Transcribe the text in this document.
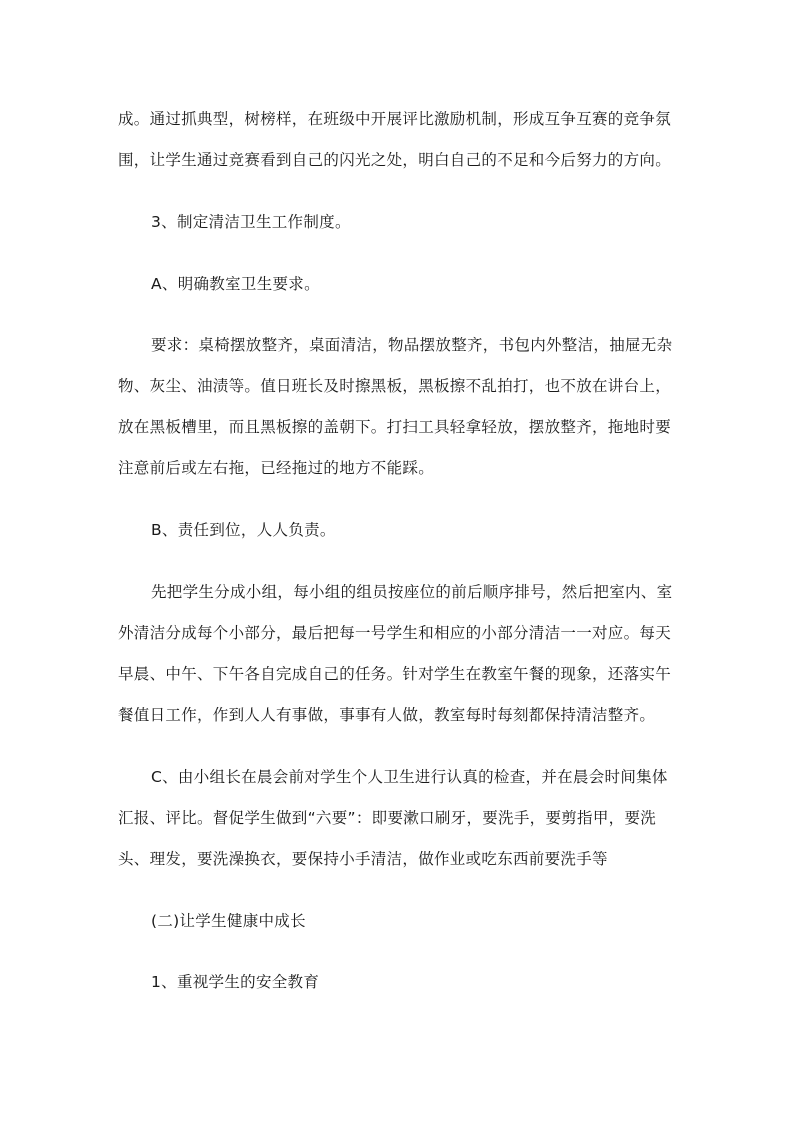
成。通过抓典型，树榜样，在班级中开展评比激励机制，形成互争互赛的竞争氛
围，让学生通过竞赛看到自己的闪光之处，明白自己的不足和今后努力的方向。

3、制定清洁卫生工作制度。

A、明确教室卫生要求。

要求：桌椅摆放整齐，桌面清洁，物品摆放整齐，书包内外整洁，抽屉无杂
物、灰尘、油渍等。值日班长及时擦黑板，黑板擦不乱拍打，也不放在讲台上，
放在黑板槽里，而且黑板擦的盖朝下。打扫工具轻拿轻放，摆放整齐，拖地时要
注意前后或左右拖，已经拖过的地方不能踩。

B、责任到位，人人负责。

先把学生分成小组，每小组的组员按座位的前后顺序排号，然后把室内、室
外清洁分成每个小部分，最后把每一号学生和相应的小部分清洁一一对应。每天
早晨、中午、下午各自完成自己的任务。针对学生在教室午餐的现象，还落实午
餐值日工作，作到人人有事做，事事有人做，教室每时每刻都保持清洁整齐。

C、由小组长在晨会前对学生个人卫生进行认真的检查，并在晨会时间集体
汇报、评比。督促学生做到“六要”：即要漱口刷牙，要洗手，要剪指甲，要洗
头、理发，要洗澡换衣，要保持小手清洁，做作业或吃东西前要洗手等

(二)让学生健康中成长

1、重视学生的安全教育
